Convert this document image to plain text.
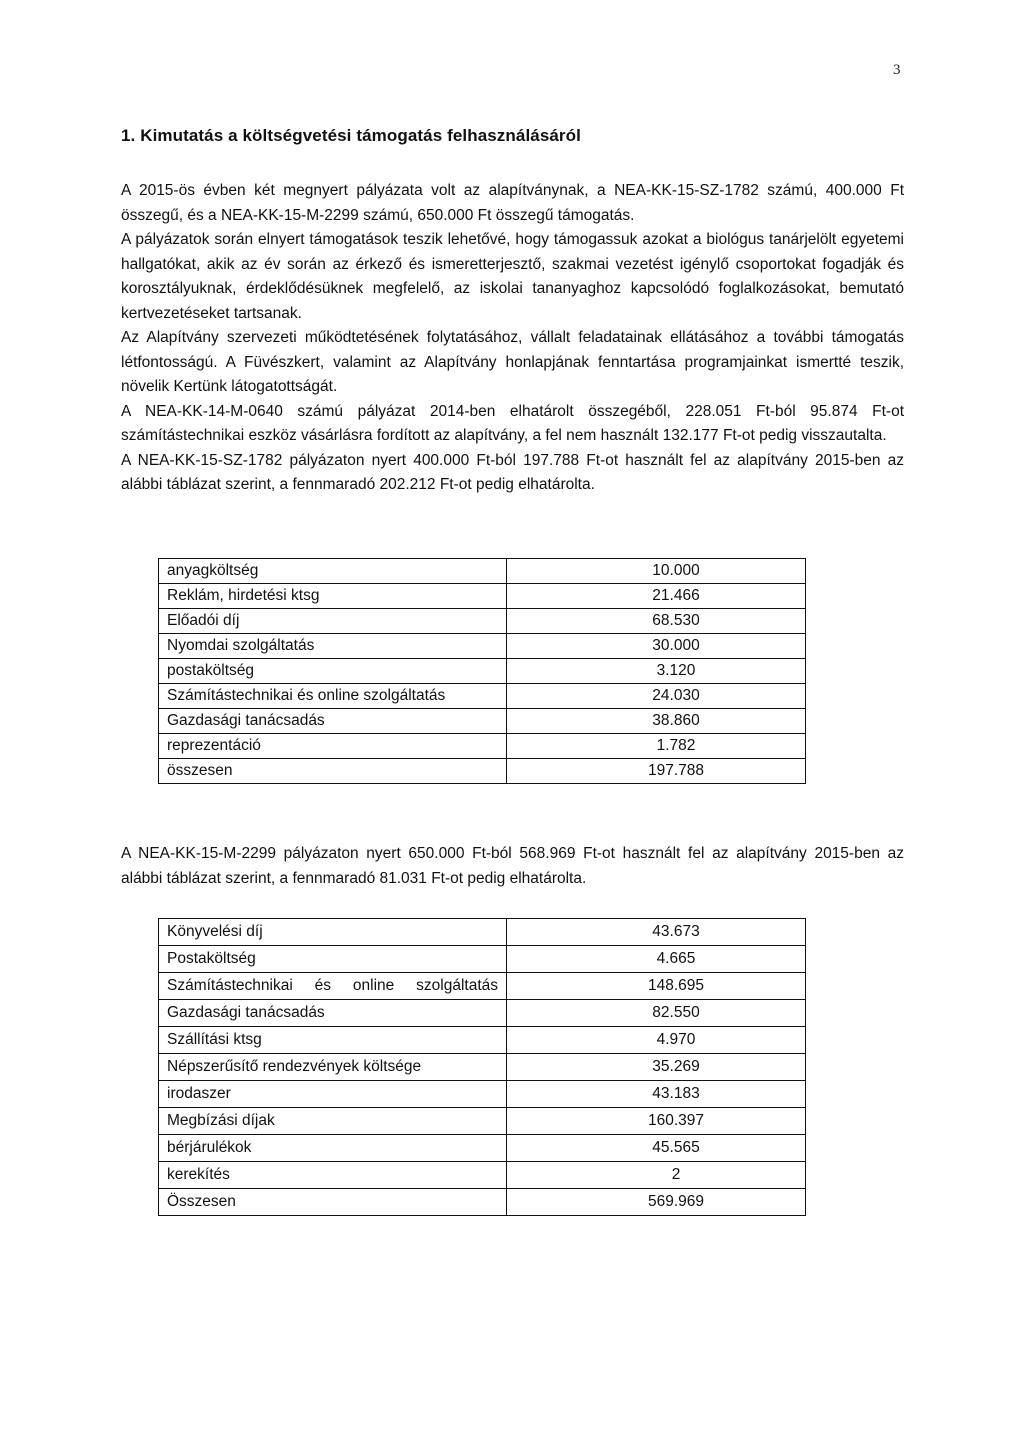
3
1. Kimutatás a költségvetési támogatás felhasználásáról

A 2015-ös évben két megnyert pályázata volt az alapítványnak, a NEA-KK-15-SZ-1782 számú, 400.000 Ft összegű, és a NEA-KK-15-M-2299 számú, 650.000 Ft összegű támogatás.

A pályázatok során elnyert támogatások teszik lehetővé, hogy támogassuk azokat a biológus tanárjelölt egyetemi hallgatókat, akik az év során az érkező és ismeretterjesztő, szakmai vezetést igénylő csoportokat fogadják és korosztályuknak, érdeklődésüknek megfelelő, az iskolai tananyaghoz kapcsolódó foglalkozásokat, bemutató kertvezetéseket tartsanak.

Az Alapítvány szervezeti működtetésének folytatásához, vállalt feladatainak ellátásához a további támogatás létfontosságú. A Füvészkert, valamint az Alapítvány honlapjának fenntartása programjainkat ismertté teszik, növelik Kertünk látogatottságát.

A NEA-KK-14-M-0640 számú pályázat 2014-ben elhatárolt összegéből, 228.051 Ft-ból 95.874 Ft-ot számítástechnikai eszköz vásárlásra fordított az alapítvány, a fel nem használt 132.177 Ft-ot pedig visszautalta.

A NEA-KK-15-SZ-1782 pályázaton nyert 400.000 Ft-ból 197.788 Ft-ot használt fel az alapítvány 2015-ben az alábbi táblázat szerint, a fennmaradó 202.212 Ft-ot pedig elhatárolta.

anyagköltség	10.000
Reklám, hirdetési ktsg	21.466
Előadói díj	68.530
Nyomdai szolgáltatás	30.000
postaköltség	3.120
Számítástechnikai és online szolgáltatás	24.030
Gazdasági tanácsadás	38.860
reprezentáció	1.782
összesen	197.788

A NEA-KK-15-M-2299 pályázaton nyert 650.000 Ft-ból 568.969 Ft-ot használt fel az alapítvány 2015-ben az alábbi táblázat szerint, a fennmaradó 81.031 Ft-ot pedig elhatárolta.

Könyvelési díj	43.673
Postaköltség	4.665

Számítástechnikai és online szolgáltatás	148.695
Gazdasági tanácsadás	82.550
Szállítási ktsg	4.970
Népszerűsítő rendezvények költsége	35.269
irodaszer	43.183
Megbízási díjak	160.397
bérjárulékok	45.565
kerekítés	2
Összesen	569.969
